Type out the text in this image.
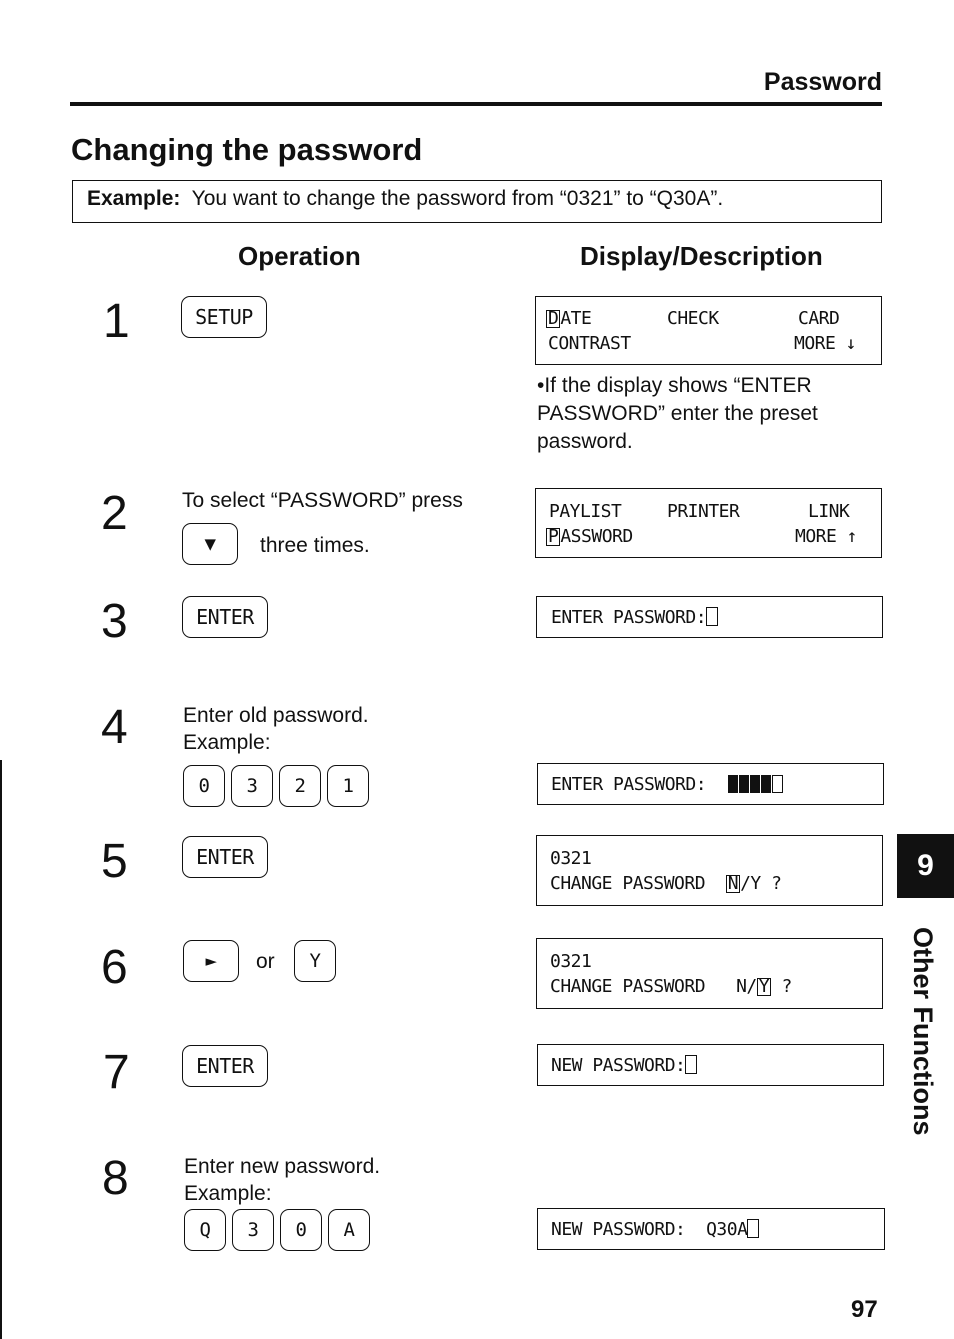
Password
Changing the password
Example: You want to change the password from “0321” to “Q30A”.
Operation	Display/Description
1	SETUP	D ATE	CHECK	CARD
CONTRAST	MORE ↓
•If the display shows “ENTER PASSWORD” enter the preset password.
2	To select “PASSWORD” press
▼	three times.
PAYLIST	PRINTER	LINK
P ASSWORD	MORE ↑
3	ENTER	ENTER PASSWORD:
4	Enter old password.
Example:
0	3	2	1	ENTER PASSWORD:
5	ENTER	0321
CHANGE PASSWORD N /Y ?
6	►	or	Y	0321
CHANGE PASSWORD N/ Y ?
7	ENTER	NEW PASSWORD:
8	Enter new password.
Example:
Q	3	0	A	NEW PASSWORD: Q30A
9
Other Functions
97
